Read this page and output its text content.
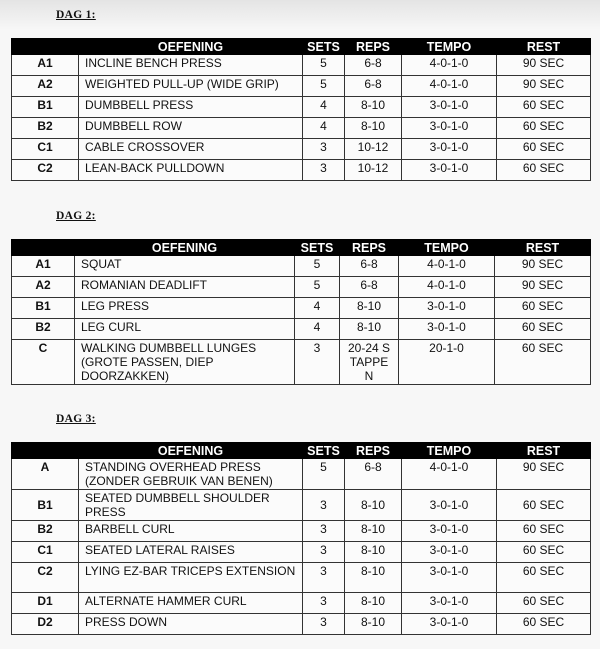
DAG 1:
	OEFENING	SETS	REPS	TEMPO	REST
A1	INCLINE BENCH PRESS	5	6-8	4-0-1-0	90 SEC
A2	WEIGHTED PULL-UP (WIDE GRIP)	5	6-8	4-0-1-0	90 SEC
B1	DUMBBELL PRESS	4	8-10	3-0-1-0	60 SEC
B2	DUMBBELL ROW	4	8-10	3-0-1-0	60 SEC
C1	CABLE CROSSOVER	3	10-12	3-0-1-0	60 SEC
C2	LEAN-BACK PULLDOWN	3	10-12	3-0-1-0	60 SEC
DAG 2:
	OEFENING	SETS	REPS	TEMPO	REST
A1	SQUAT	5	6-8	4-0-1-0	90 SEC
A2	ROMANIAN DEADLIFT	5	6-8	4-0-1-0	90 SEC
B1	LEG PRESS	4	8-10	3-0-1-0	60 SEC
B2	LEG CURL	4	8-10	3-0-1-0	60 SEC
C	WALKING DUMBBELL LUNGES (GROTE PASSEN, DIEP DOORZAKKEN)	3	20-24 STAPPEN	20-1-0	60 SEC
DAG 3:
	OEFENING	SETS	REPS	TEMPO	REST
A	STANDING OVERHEAD PRESS (ZONDER GEBRUIK VAN BENEN)	5	6-8	4-0-1-0	90 SEC
B1	SEATED DUMBBELL SHOULDER PRESS	3	8-10	3-0-1-0	60 SEC
B2	BARBELL CURL	3	8-10	3-0-1-0	60 SEC
C1	SEATED LATERAL RAISES	3	8-10	3-0-1-0	60 SEC
C2	LYING EZ-BAR TRICEPS EXTENSION	3	8-10	3-0-1-0	60 SEC
D1	ALTERNATE HAMMER CURL	3	8-10	3-0-1-0	60 SEC
D2	PRESS DOWN	3	8-10	3-0-1-0	60 SEC
